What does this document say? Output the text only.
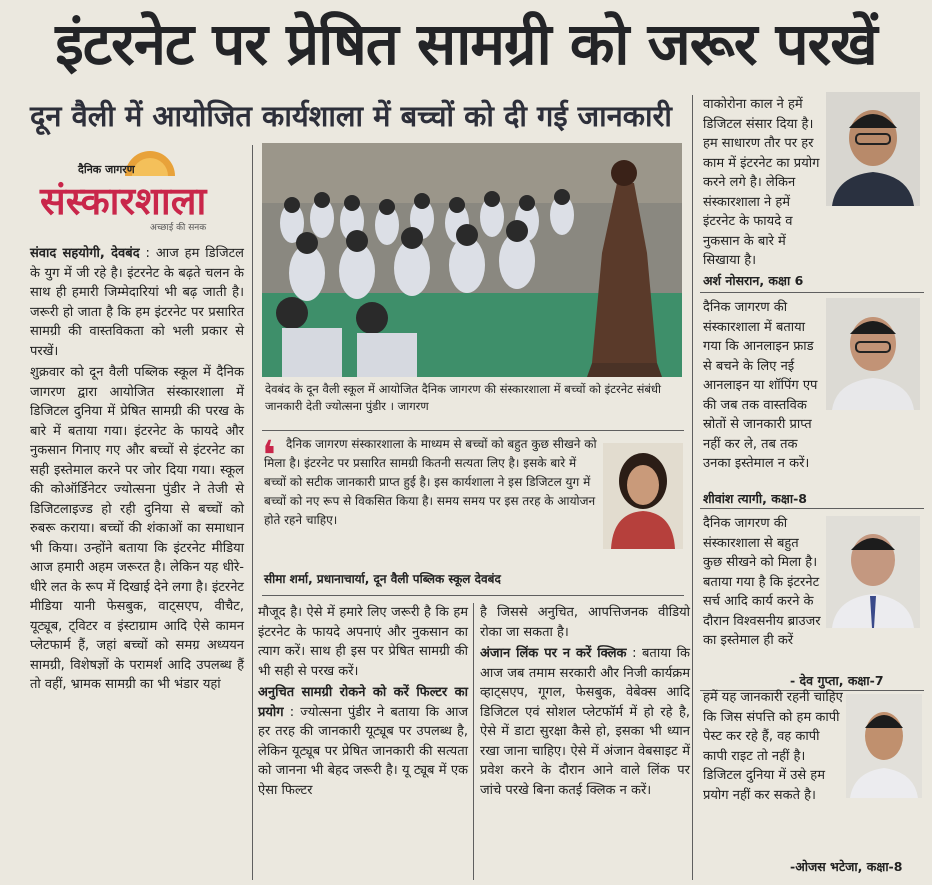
इंटरनेट पर प्रेषित सामग्री को जरूर परखें
दून वैली में आयोजित कार्यशाला में बच्चों को दी गई जानकारी
दैनिक जागरण
संस्कारशाला
अच्छाई की सनक

संवाद सहयोगी, देवबंद : आज हम डिजिटल के युग में जी रहे है। इंटरनेट के बढ़ते चलन के साथ ही हमारी जिम्मेदारियां भी बढ़ जाती है। जरूरी हो जाता है कि हम इंटरनेट पर प्रसारित सामग्री की वास्तविकता को भली प्रकार से परखें।

शुक्रवार को दून वैली पब्लिक स्कूल में दैनिक जागरण द्वारा आयोजित संस्कारशाला में डिजिटल दुनिया में प्रेषित सामग्री की परख के बारे में बताया गया। इंटरनेट के फायदे और नुकसान गिनाए गए और बच्चों से इंटरनेट का सही इस्तेमाल करने पर जोर दिया गया। स्कूल की कोऑर्डिनेटर ज्योत्सना पुंडीर ने तेजी से डिजिटलाइज्ड हो रही दुनिया से बच्चों को रुबरू कराया। बच्चों की शंकाओं का समाधान भी किया। उन्होंने बताया कि इंटरनेट मीडिया आज हमारी अहम जरूरत है। लेकिन यह धीरे-धीरे लत के रूप में दिखाई देने लगा है। इंटरनेट मीडिया यानी फेसबुक, वाट्सएप, वीचैट, यूट्यूब, ट्विटर व इंस्टाग्राम आदि ऐसे कामन प्लेटफार्म हैं, जहां बच्चों को समग्र अध्ययन सामग्री, विशेषज्ञों के परामर्श आदि उपलब्ध हैं तो वहीं, भ्रामक सामग्री का भी भंडार यहां

देवबंद के दून वैली स्कूल में आयोजित दैनिक जागरण की संस्कारशाला में बच्चों को इंटरनेट संबंधी जानकारी देती ज्योत्सना पुंडीर । जागरण
❛ दैनिक जागरण संस्कारशाला के माध्यम से बच्चों को बहुत कुछ सीखने को मिला है। इंटरनेट पर प्रसारित सामग्री कितनी सत्यता लिए है। इसके बारे में बच्चों को सटीक जानकारी प्राप्त हुई है। इस कार्यशाला ने इस डिजिटल युग में बच्चों को नए रूप से विकसित किया है। समय समय पर इस तरह के आयोजन होते रहने चाहिए।
सीमा शर्मा, प्रधानाचार्या, दून वैली पब्लिक स्कूल देवबंद

मौजूद है। ऐसे में हमारे लिए जरूरी है कि हम इंटरनेट के फायदे अपनाएं और नुकसान का त्याग करें। साथ ही इस पर प्रेषित सामग्री की भी सही से परख करें।

अनुचित सामग्री रोकने को करें फिल्टर का प्रयोग : ज्योत्सना पुंडीर ने बताया कि आज हर तरह की जानकारी यूट्यूब पर उपलब्ध है, लेकिन यूट्यूब पर प्रेषित जानकारी की सत्यता को जानना भी बेहद जरूरी है। यू ट्यूब में एक ऐसा फिल्टर

है जिससे अनुचित, आपत्तिजनक वीडियो रोका जा सकता है।

अंजान लिंक पर न करें क्लिक : बताया कि आज जब तमाम सरकारी और निजी कार्यक्रम व्हाट्सएप, गूगल, फेसबुक, वेबेक्स आदि डिजिटल एवं सोशल प्लेटफॉर्म में हो रहे है, ऐसे में डाटा सुरक्षा कैसे हो, इसका भी ध्यान रखा जाना चाहिए। ऐसे में अंजान वेबसाइट में प्रवेश करने के दौरान आने वाले लिंक पर जांचे परखे बिना कतई क्लिक न करें।

वाकोरोना काल ने हमें डिजिटल संसार दिया है। हम साधारण तौर पर हर काम में इंटरनेट का प्रयोग करने लगे है। लेकिन संस्कारशाला ने हमें इंटरनेट के फायदे व नुकसान के बारे में सिखाया है।
अर्श नोसरान, कक्षा 6
दैनिक जागरण की संस्कारशाला में बताया गया कि आनलाइन फ्राड से बचने के लिए नई आनलाइन या शॉपिंग एप की जब तक वास्तविक स्रोतों से जानकारी प्राप्त नहीं कर ले, तब तक उनका इस्तेमाल न करें।
शीवांश त्यागी, कक्षा-8
दैनिक जागरण की संस्कारशाला से बहुत कुछ सीखने को मिला है। बताया गया है कि इंटरनेट सर्च आदि कार्य करने के दौरान विश्वसनीय ब्राउजर का इस्तेमाल ही करें
- देव गुप्ता, कक्षा-7
हमें यह जानकारी रहनी चाहिए कि जिस संपत्ति को हम कापी पेस्ट कर रहे हैं, वह कापी कापी राइट तो नहीं है। डिजिटल दुनिया में उसे हम प्रयोग नहीं कर सकते है।
-ओजस भटेजा, कक्षा-8
